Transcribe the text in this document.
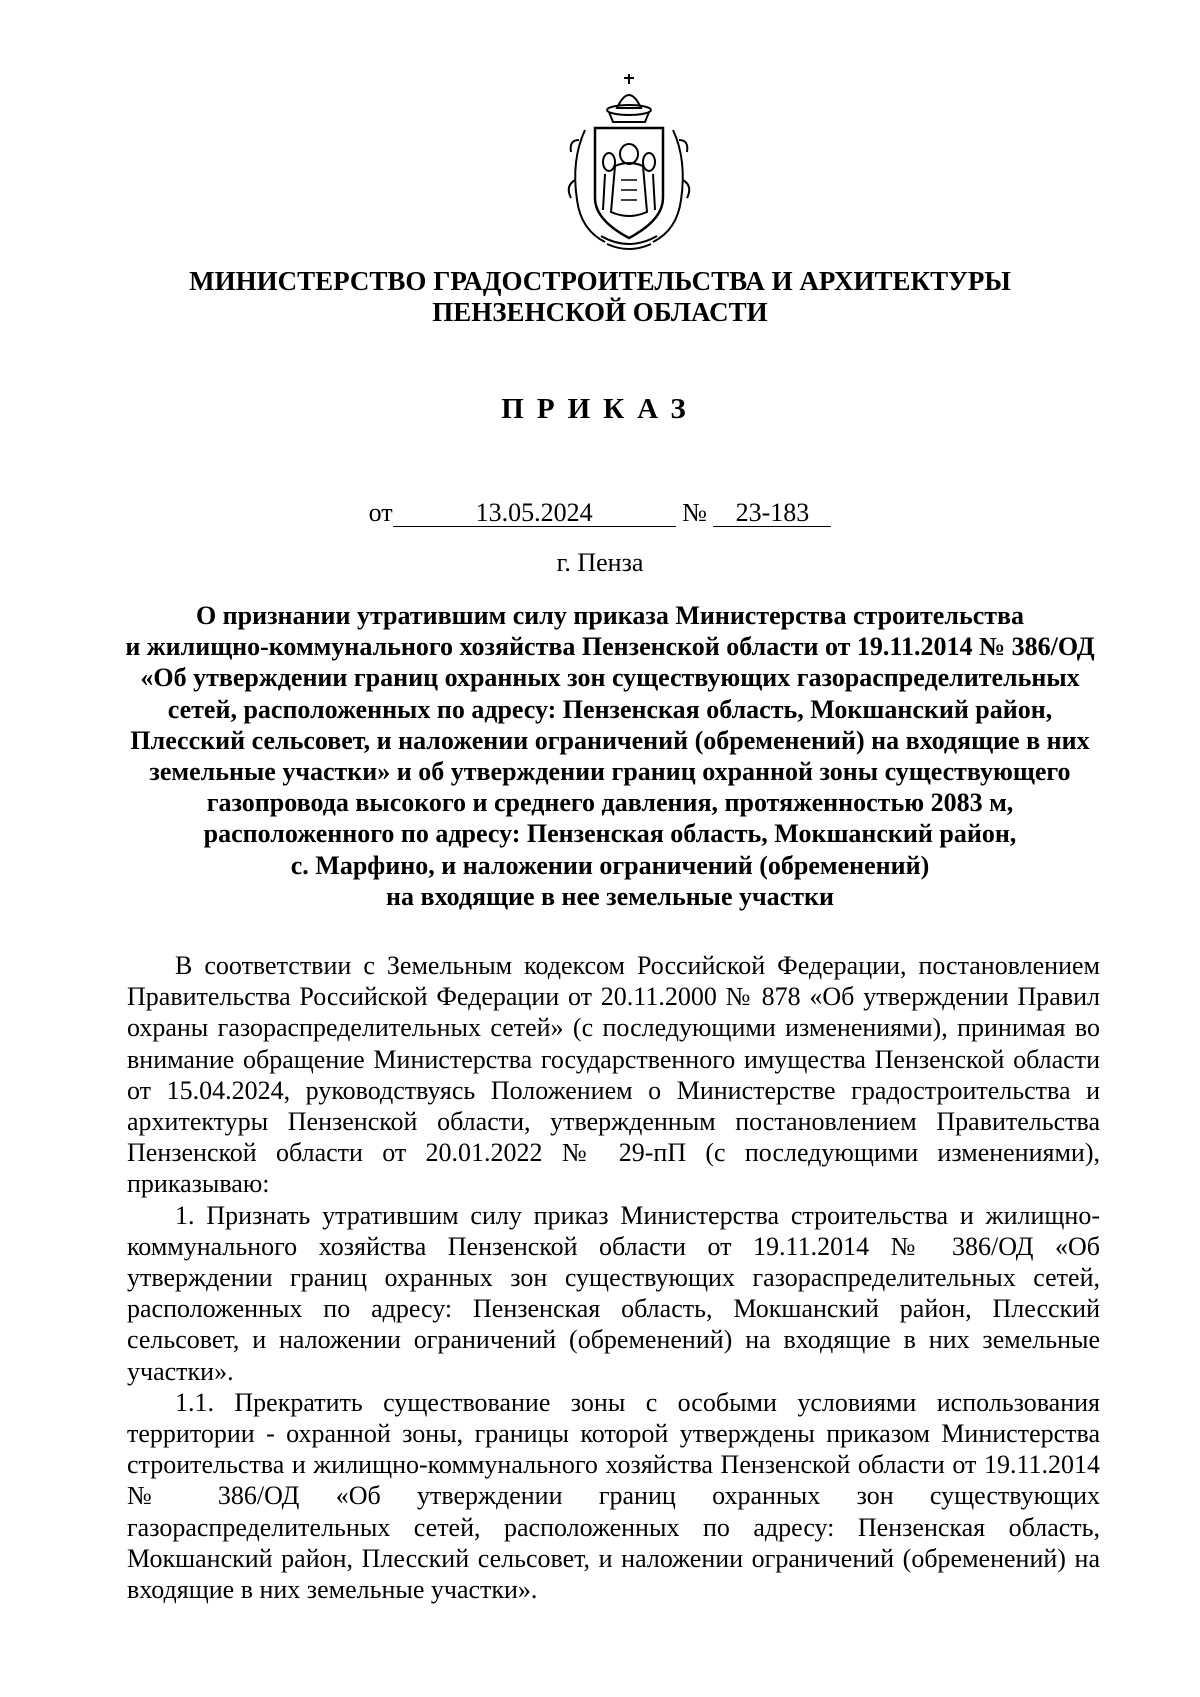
МИНИСТЕРСТВО ГРАДОСТРОИТЕЛЬСТВА И АРХИТЕКТУРЫ
ПЕНЗЕНСКОЙ ОБЛАСТИ
ПРИКАЗ
от	13.05.2024	№ 23-183
г. Пенза
О признании утратившим силу приказа Министерства строительства
и жилищно-коммунального хозяйства Пензенской области от 19.11.2014 № 386/ОД
«Об утверждении границ охранных зон существующих газораспределительных
сетей, расположенных по адресу: Пензенская область, Мокшанский район,
Плесский сельсовет, и наложении ограничений (обременений) на входящие в них
земельные участки» и об утверждении границ охранной зоны существующего
газопровода высокого и среднего давления, протяженностью 2083 м,
расположенного по адресу: Пензенская область, Мокшанский район,
с. Марфино, и наложении ограничений (обременений)
на входящие в нее земельные участки

В соответствии с Земельным кодексом Российской Федерации, постановлением Правительства Российской Федерации от 20.11.2000 № 878 «Об утверждении Правил охраны газораспределительных сетей» (с последующими изменениями), принимая во внимание обращение Министерства государственного имущества Пензенской области от 15.04.2024, руководствуясь Положением о Министерстве градостроительства и архитектуры Пензенской области, утвержденным постановлением Правительства Пензенской области от 20.01.2022 № 29-пП (с последующими изменениями), приказываю:

1. Признать утратившим силу приказ Министерства строительства и жилищно-коммунального хозяйства Пензенской области от 19.11.2014 № 386/ОД «Об утверждении границ охранных зон существующих газораспределительных сетей, расположенных по адресу: Пензенская область, Мокшанский район, Плесский сельсовет, и наложении ограничений (обременений) на входящие в них земельные участки».

1.1. Прекратить существование зоны с особыми условиями использования территории - охранной зоны, границы которой утверждены приказом Министерства строительства и жилищно-коммунального хозяйства Пензенской области от 19.11.2014 № 386/ОД «Об утверждении границ охранных зон существующих газораспределительных сетей, расположенных по адресу: Пензенская область, Мокшанский район, Плесский сельсовет, и наложении ограничений (обременений) на входящие в них земельные участки».
